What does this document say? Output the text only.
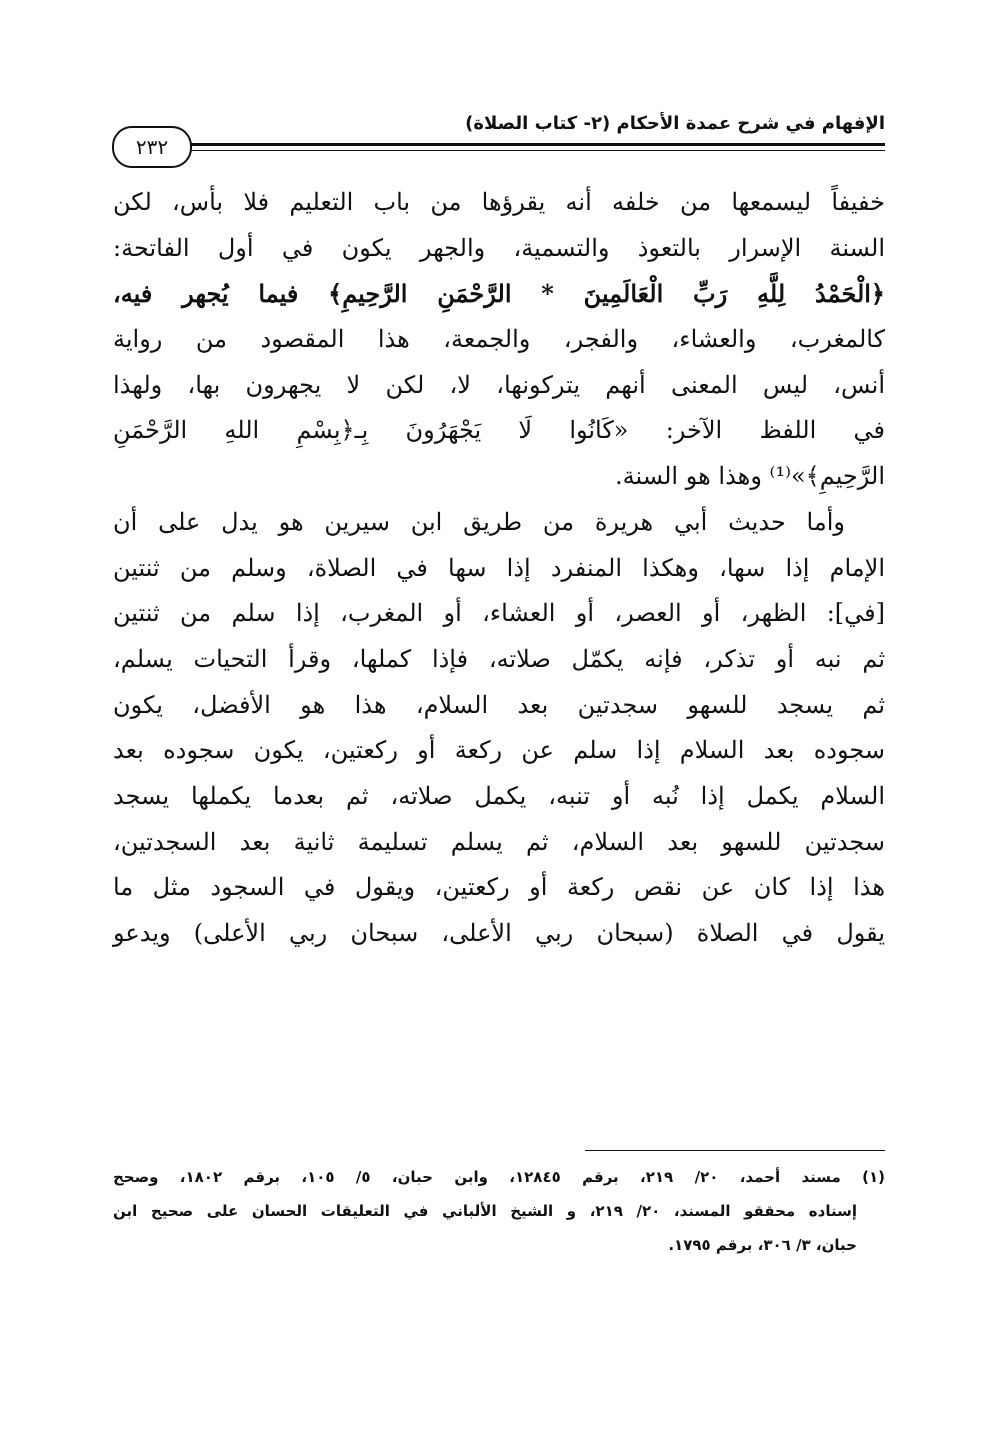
الإفهام في شرح عمدة الأحكام (٢- كتاب الصلاة)
٢٣٢
خفيفاً ليسمعها من خلفه أنه يقرؤها من باب التعليم فلا بأس، لكن
السنة الإسرار بالتعوذ والتسمية، والجهر يكون في أول الفاتحة:
﴿الْحَمْدُ لِلَّهِ رَبِّ الْعَالَمِينَ * الرَّحْمَنِ الرَّحِيمِ﴾ فيما يُجهر فيه،
كالمغرب، والعشاء، والفجر، والجمعة، هذا المقصود من رواية
أنس، ليس المعنى أنهم يتركونها، لا، لكن لا يجهرون بها، ولهذا
في اللفظ الآخر: «كَانُوا لَا يَجْهَرُونَ بِـ﴿بِسْمِ اللهِ الرَّحْمَنِ
الرَّحِيمِ﴾»⁽¹⁾ وهذا هو السنة.
وأما حديث أبي هريرة من طريق ابن سيرين هو يدل على أن
الإمام إذا سها، وهكذا المنفرد إذا سها في الصلاة، وسلم من ثنتين
[في]: الظهر، أو العصر، أو العشاء، أو المغرب، إذا سلم من ثنتين
ثم نبه أو تذكر، فإنه يكمّل صلاته، فإذا كملها، وقرأ التحيات يسلم،
ثم يسجد للسهو سجدتين بعد السلام، هذا هو الأفضل، يكون
سجوده بعد السلام إذا سلم عن ركعة أو ركعتين، يكون سجوده بعد
السلام يكمل إذا نُبه أو تنبه، يكمل صلاته، ثم بعدما يكملها يسجد
سجدتين للسهو بعد السلام، ثم يسلم تسليمة ثانية بعد السجدتين،
هذا إذا كان عن نقص ركعة أو ركعتين، ويقول في السجود مثل ما
يقول في الصلاة (سبحان ربي الأعلى، سبحان ربي الأعلى) ويدعو
(١) مسند أحمد، ٢٠/ ٢١٩، برقم ١٢٨٤٥، وابن حبان، ٥/ ١٠٥، برقم ١٨٠٢، وصحح
إسناده محققو المسند، ٢٠/ ٢١٩، و الشيخ الألباني في التعليقات الحسان على صحيح ابن
حبان، ٣/ ٣٠٦، برقم ١٧٩٥.
